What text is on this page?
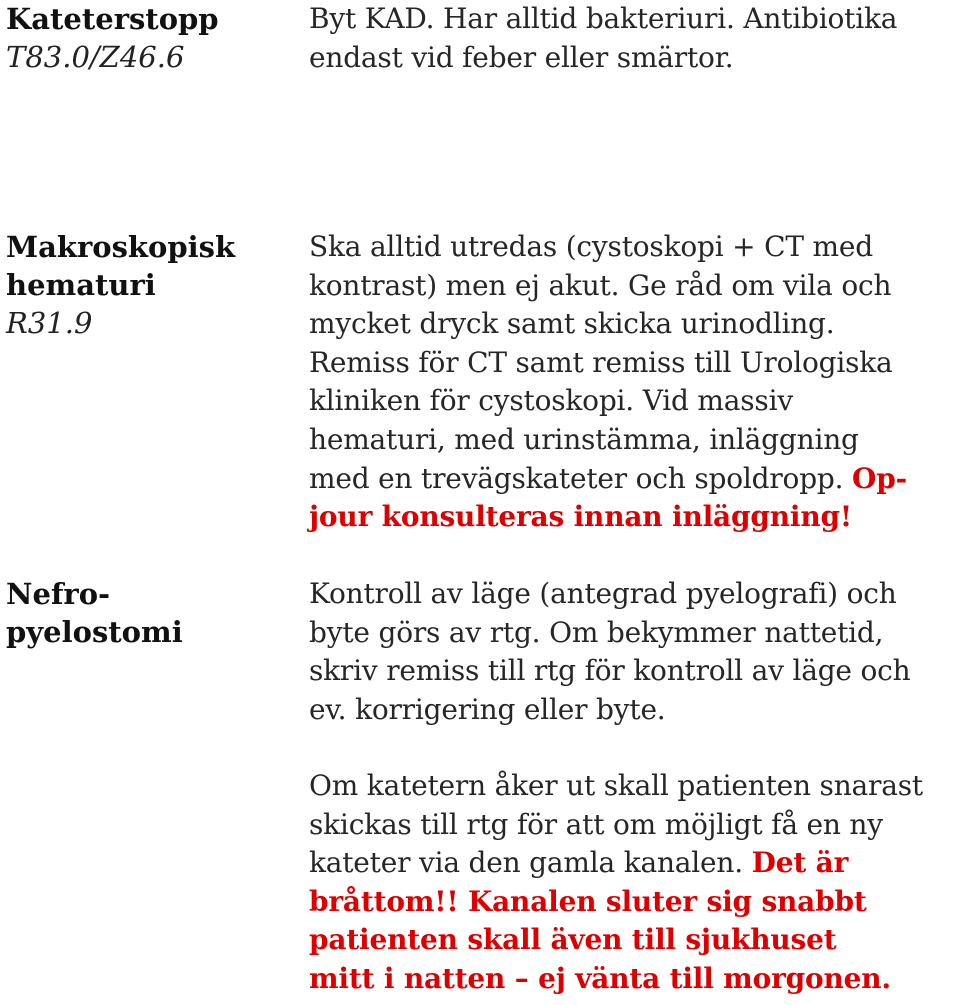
Kateterstopp
T83.0/Z46.6
Byt KAD. Har alltid bakteriuri. Antibiotika
endast vid feber eller smärtor.
Makroskopisk
hematuri
R31.9
Ska alltid utredas (cystoskopi + CT med
kontrast) men ej akut. Ge råd om vila och
mycket dryck samt skicka urinodling.
Remiss för CT samt remiss till Urologiska
kliniken för cystoskopi. Vid massiv
hematuri, med urinstämma, inläggning
med en trevägskateter och spoldropp. Op-
jour konsulteras innan inläggning!
Nefro-
pyelostomi
Kontroll av läge (antegrad pyelografi) och
byte görs av rtg. Om bekymmer nattetid,
skriv remiss till rtg för kontroll av läge och
ev. korrigering eller byte.
Om katetern åker ut skall patienten snarast
skickas till rtg för att om möjligt få en ny
kateter via den gamla kanalen. Det är
bråttom!! Kanalen sluter sig snabbt
patienten skall även till sjukhuset
mitt i natten – ej vänta till morgonen.
